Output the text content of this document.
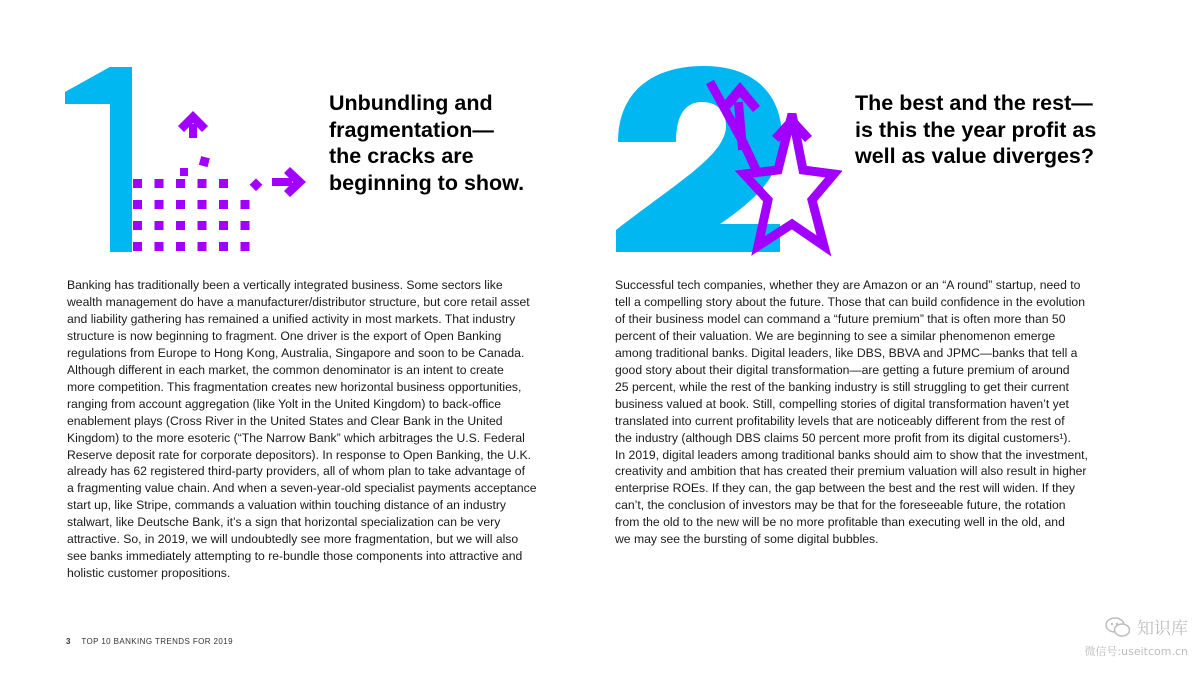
Unbundling and
fragmentation—
the cracks are
beginning to show.
Banking has traditionally been a vertically integrated business. Some sectors like
wealth management do have a manufacturer/distributor structure, but core retail asset
and liability gathering has remained a unified activity in most markets. That industry
structure is now beginning to fragment. One driver is the export of Open Banking
regulations from Europe to Hong Kong, Australia, Singapore and soon to be Canada.
Although different in each market, the common denominator is an intent to create
more competition. This fragmentation creates new horizontal business opportunities,
ranging from account aggregation (like Yolt in the United Kingdom) to back-office
enablement plays (Cross River in the United States and Clear Bank in the United
Kingdom) to the more esoteric (“The Narrow Bank” which arbitrages the U.S. Federal
Reserve deposit rate for corporate depositors). In response to Open Banking, the U.K.
already has 62 registered third-party providers, all of whom plan to take advantage of
a fragmenting value chain. And when a seven-year-old specialist payments acceptance
start up, like Stripe, commands a valuation within touching distance of an industry
stalwart, like Deutsche Bank, it’s a sign that horizontal specialization can be very
attractive. So, in 2019, we will undoubtedly see more fragmentation, but we will also
see banks immediately attempting to re-bundle those components into attractive and
holistic customer propositions.
The best and the rest—
is this the year profit as
well as value diverges?
Successful tech companies, whether they are Amazon or an “A round” startup, need to
tell a compelling story about the future. Those that can build confidence in the evolution
of their business model can command a “future premium” that is often more than 50
percent of their valuation. We are beginning to see a similar phenomenon emerge
among traditional banks. Digital leaders, like DBS, BBVA and JPMC—banks that tell a
good story about their digital transformation—are getting a future premium of around
25 percent, while the rest of the banking industry is still struggling to get their current
business valued at book. Still, compelling stories of digital transformation haven’t yet
translated into current profitability levels that are noticeably different from the rest of
the industry (although DBS claims 50 percent more profit from its digital customers¹).
In 2019, digital leaders among traditional banks should aim to show that the investment,
creativity and ambition that has created their premium valuation will also result in higher
enterprise ROEs. If they can, the gap between the best and the rest will widen. If they
can’t, the conclusion of investors may be that for the foreseeable future, the rotation
from the old to the new will be no more profitable than executing well in the old, and
we may see the bursting of some digital bubbles.
3 TOP 10 BANKING TRENDS FOR 2019
知识库
微信号:useitcom.cn
